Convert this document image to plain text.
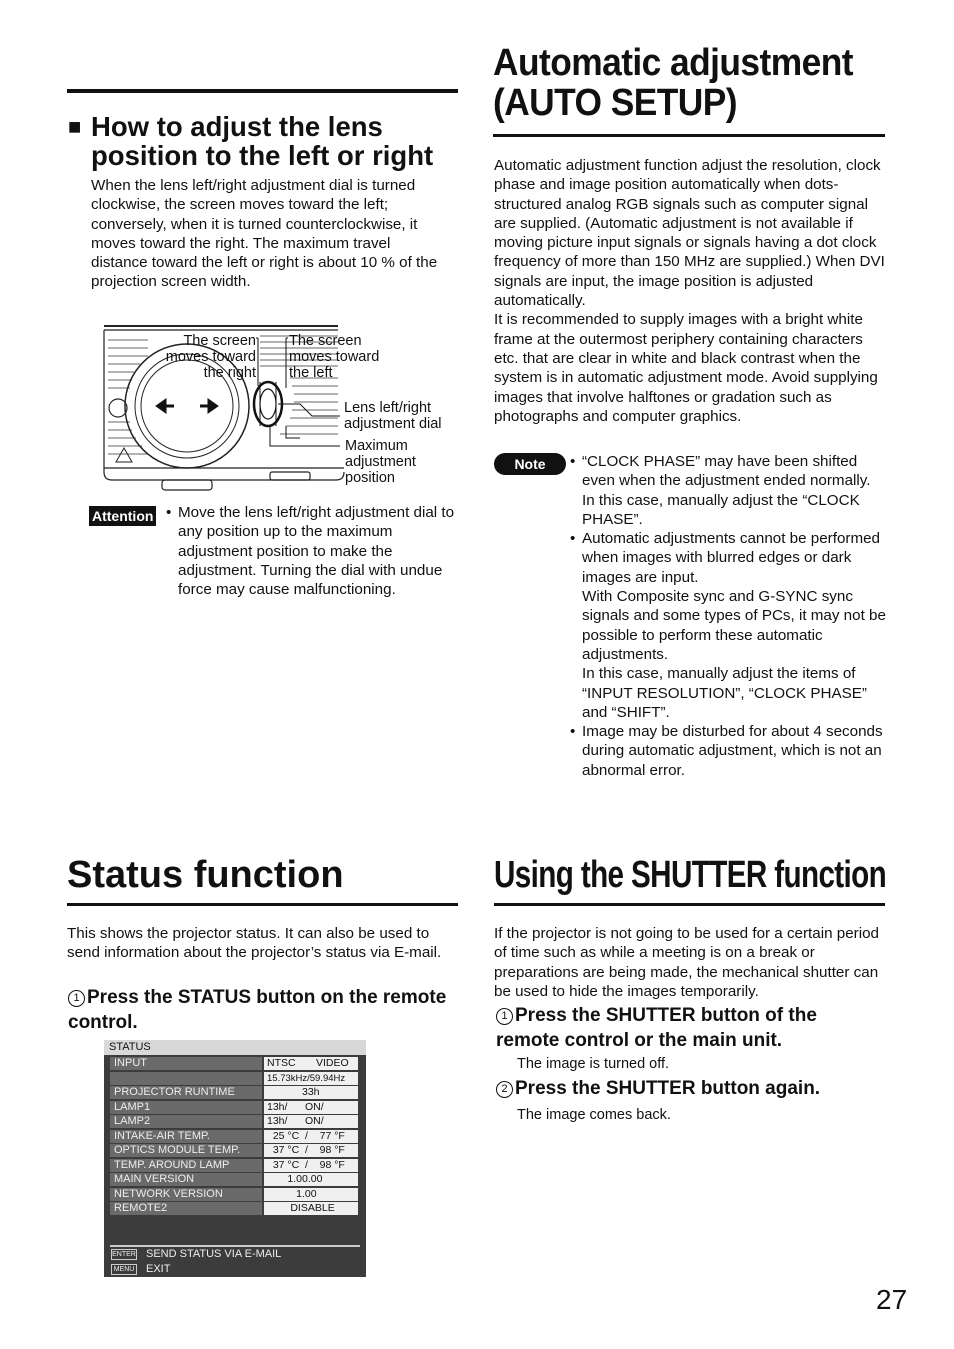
■ How to adjust the lens position to the left or right

When the lens left/right adjustment dial is turned clockwise, the screen moves toward the left; conversely, when it is turned counterclockwise, it moves toward the right. The maximum travel distance toward the left or right is about 10 % of the projection screen width.

The screen moves toward the right
The screen moves toward the left
Lens left/right adjustment dial
Maximum adjustment position
Attention • Move the lens left/right adjustment dial to any position up to the maximum adjustment position to make the adjustment. Turning the dial with undue force may cause malfunctioning.

Automatic adjustment
(AUTO SETUP)

Automatic adjustment function adjust the resolution, clock phase and image position automatically when dots-structured analog RGB signals such as computer signal are supplied. (Automatic adjustment is not available if moving picture input signals or signals having a dot clock frequency of more than 150 MHz are supplied.) When DVI signals are input, the image position is adjusted automatically.

It is recommended to supply images with a bright white frame at the outermost periphery containing characters etc. that are clear in white and black contrast when the system is in automatic adjustment mode. Avoid supplying images that involve halftones or gradation such as photographs and computer graphics.

Note	• “CLOCK PHASE” may have been shifted even when the adjustment ended normally. In this case, manually adjust the “CLOCK PHASE”.

• Automatic adjustments cannot be performed when images with blurred edges or dark images are input.

With Composite sync and G-SYNC sync signals and some types of PCs, it may not be possible to perform these automatic adjustments.

In this case, manually adjust the items of “INPUT RESOLUTION”, “CLOCK PHASE” and “SHIFT”.

• Image may be disturbed for about 4 seconds during automatic adjustment, which is not an abnormal error.

Status function

This shows the projector status. It can also be used to send information about the projector’s status via E-mail.

1 Press the STATUS button on the remote control.
STATUS
ENTER SEND STATUS VIA E-MAIL
MENU EXIT
INPUT	NTSC       VIDEO
15.73kHz/59.94Hz
PROJECTOR RUNTIME	33h
LAMP1	13h/      ON/
LAMP2	13h/      ON/
INTAKE-AIR TEMP.	25 °C  /    77 °F
OPTICS MODULE TEMP.	37 °C  /    98 °F
TEMP. AROUND LAMP	37 °C  /    98 °F
MAIN VERSION	1.00.00
NETWORK VERSION	1.00
REMOTE2	DISABLE
Using the SHUTTER function

If the projector is not going to be used for a certain period of time such as while a meeting is on a break or preparations are being made, the mechanical shutter can be used to hide the images temporarily.

1 Press the SHUTTER button of the remote control or the main unit.
The image is turned off.
2 Press the SHUTTER button again.
The image comes back.
27
